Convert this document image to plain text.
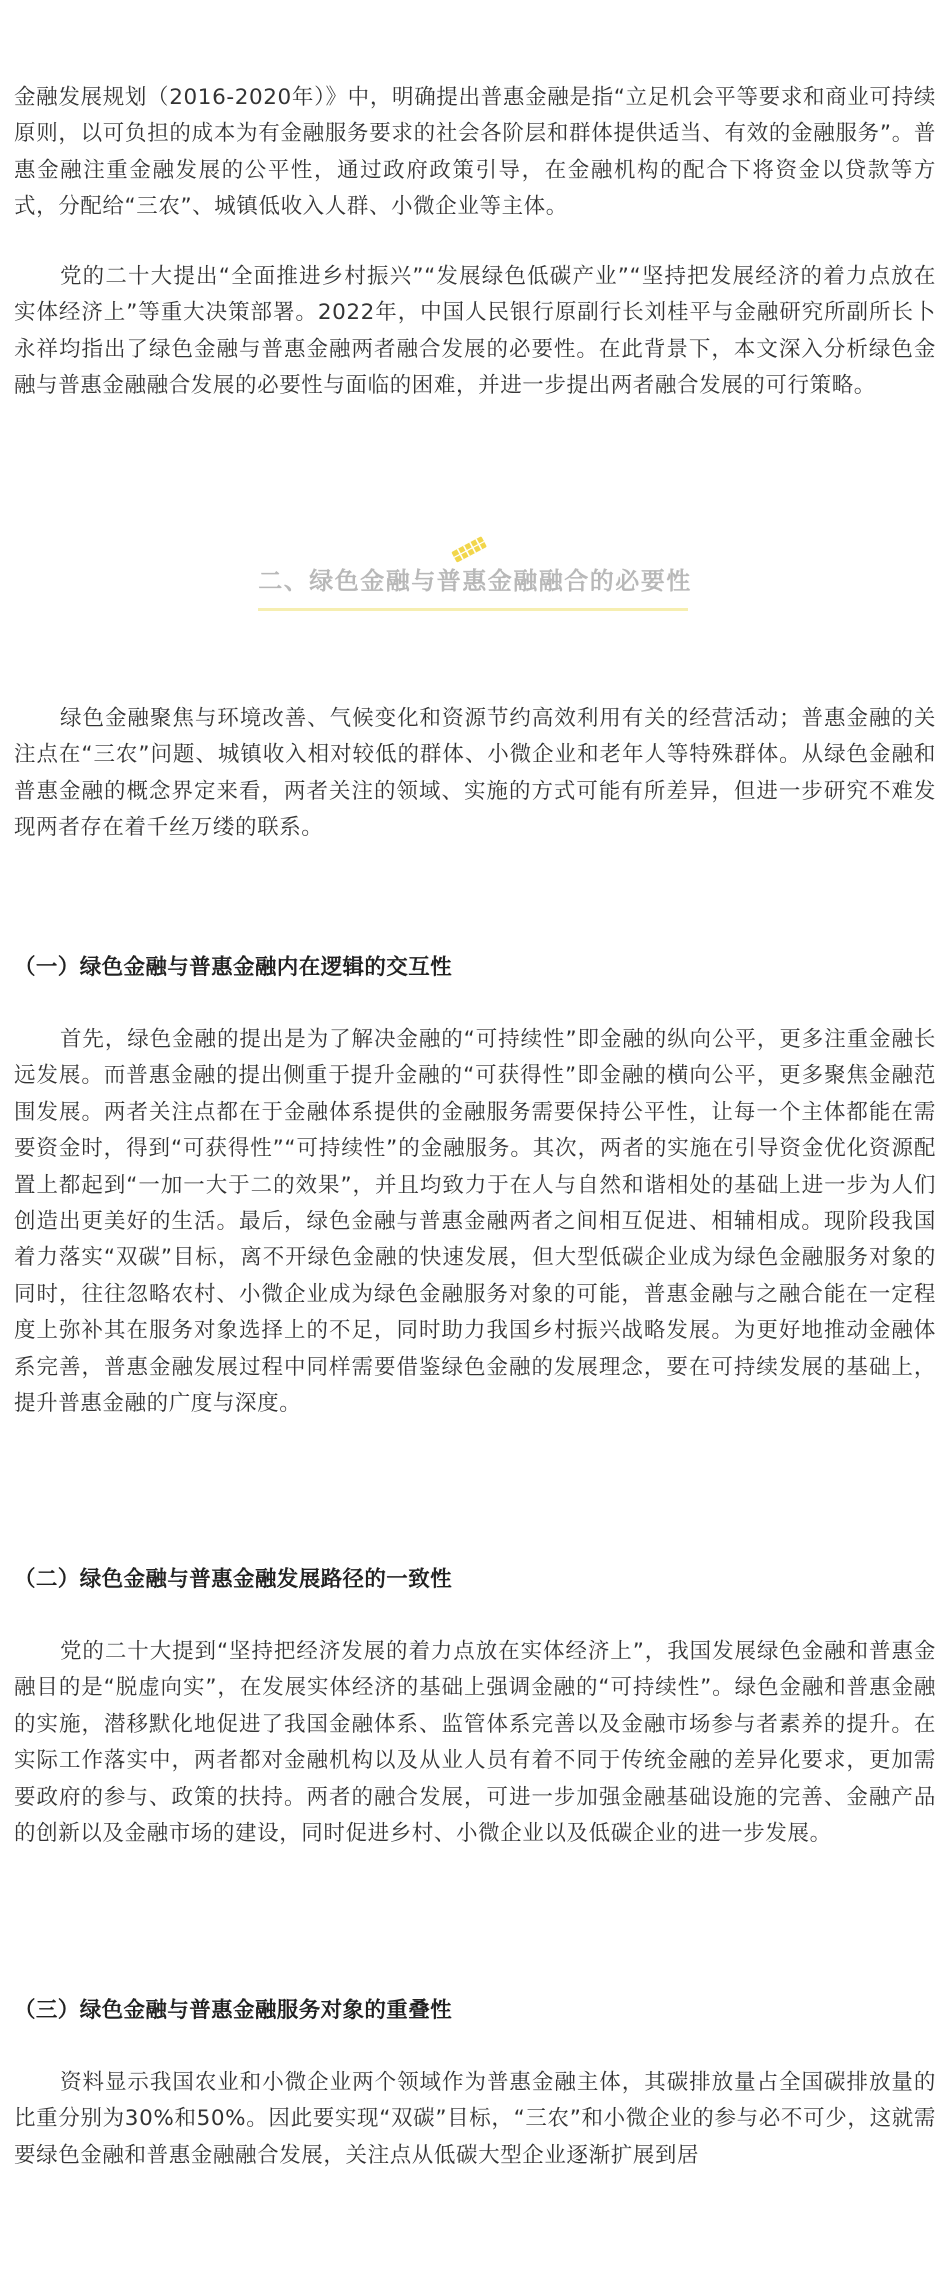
金融发展规划（2016-2020年）》中，明确提出普惠金融是指“立足机会平等要求和商业可持续原则，以可负担的成本为有金融服务要求的社会各阶层和群体提供适当、有效的金融服务”。普惠金融注重金融发展的公平性，通过政府政策引导，在金融机构的配合下将资金以贷款等方式，分配给“三农”、城镇低收入人群、小微企业等主体。

党的二十大提出“全面推进乡村振兴”“发展绿色低碳产业”“坚持把发展经济的着力点放在实体经济上”等重大决策部署。2022年，中国人民银行原副行长刘桂平与金融研究所副所长卜永祥均指出了绿色金融与普惠金融两者融合发展的必要性。在此背景下，本文深入分析绿色金融与普惠金融融合发展的必要性与面临的困难，并进一步提出两者融合发展的可行策略。

绿色金融聚焦与环境改善、气候变化和资源节约高效利用有关的经营活动；普惠金融的关注点在“三农”问题、城镇收入相对较低的群体、小微企业和老年人等特殊群体。从绿色金融和普惠金融的概念界定来看，两者关注的领域、实施的方式可能有所差异，但进一步研究不难发现两者存在着千丝万缕的联系。

（一）绿色金融与普惠金融内在逻辑的交互性

首先，绿色金融的提出是为了解决金融的“可持续性”即金融的纵向公平，更多注重金融长远发展。而普惠金融的提出侧重于提升金融的“可获得性”即金融的横向公平，更多聚焦金融范围发展。两者关注点都在于金融体系提供的金融服务需要保持公平性，让每一个主体都能在需要资金时，得到“可获得性”“可持续性”的金融服务。其次，两者的实施在引导资金优化资源配置上都起到“一加一大于二的效果”，并且均致力于在人与自然和谐相处的基础上进一步为人们创造出更美好的生活。最后，绿色金融与普惠金融两者之间相互促进、相辅相成。现阶段我国着力落实“双碳”目标，离不开绿色金融的快速发展，但大型低碳企业成为绿色金融服务对象的同时，往往忽略农村、小微企业成为绿色金融服务对象的可能，普惠金融与之融合能在一定程度上弥补其在服务对象选择上的不足，同时助力我国乡村振兴战略发展。为更好地推动金融体系完善，普惠金融发展过程中同样需要借鉴绿色金融的发展理念，要在可持续发展的基础上，提升普惠金融的广度与深度。

（二）绿色金融与普惠金融发展路径的一致性

党的二十大提到“坚持把经济发展的着力点放在实体经济上”，我国发展绿色金融和普惠金融目的是“脱虚向实”，在发展实体经济的基础上强调金融的“可持续性”。绿色金融和普惠金融的实施，潜移默化地促进了我国金融体系、监管体系完善以及金融市场参与者素养的提升。在实际工作落实中，两者都对金融机构以及从业人员有着不同于传统金融的差异化要求，更加需要政府的参与、政策的扶持。两者的融合发展，可进一步加强金融基础设施的完善、金融产品的创新以及金融市场的建设，同时促进乡村、小微企业以及低碳企业的进一步发展。

（三）绿色金融与普惠金融服务对象的重叠性

资料显示我国农业和小微企业两个领域作为普惠金融主体，其碳排放量占全国碳排放量的比重分别为30%和50%。因此要实现“双碳”目标，“三农”和小微企业的参与必不可少，这就需要绿色金融和普惠金融融合发展，关注点从低碳大型企业逐渐扩展到居

二、绿色金融与普惠金融融合的必要性
